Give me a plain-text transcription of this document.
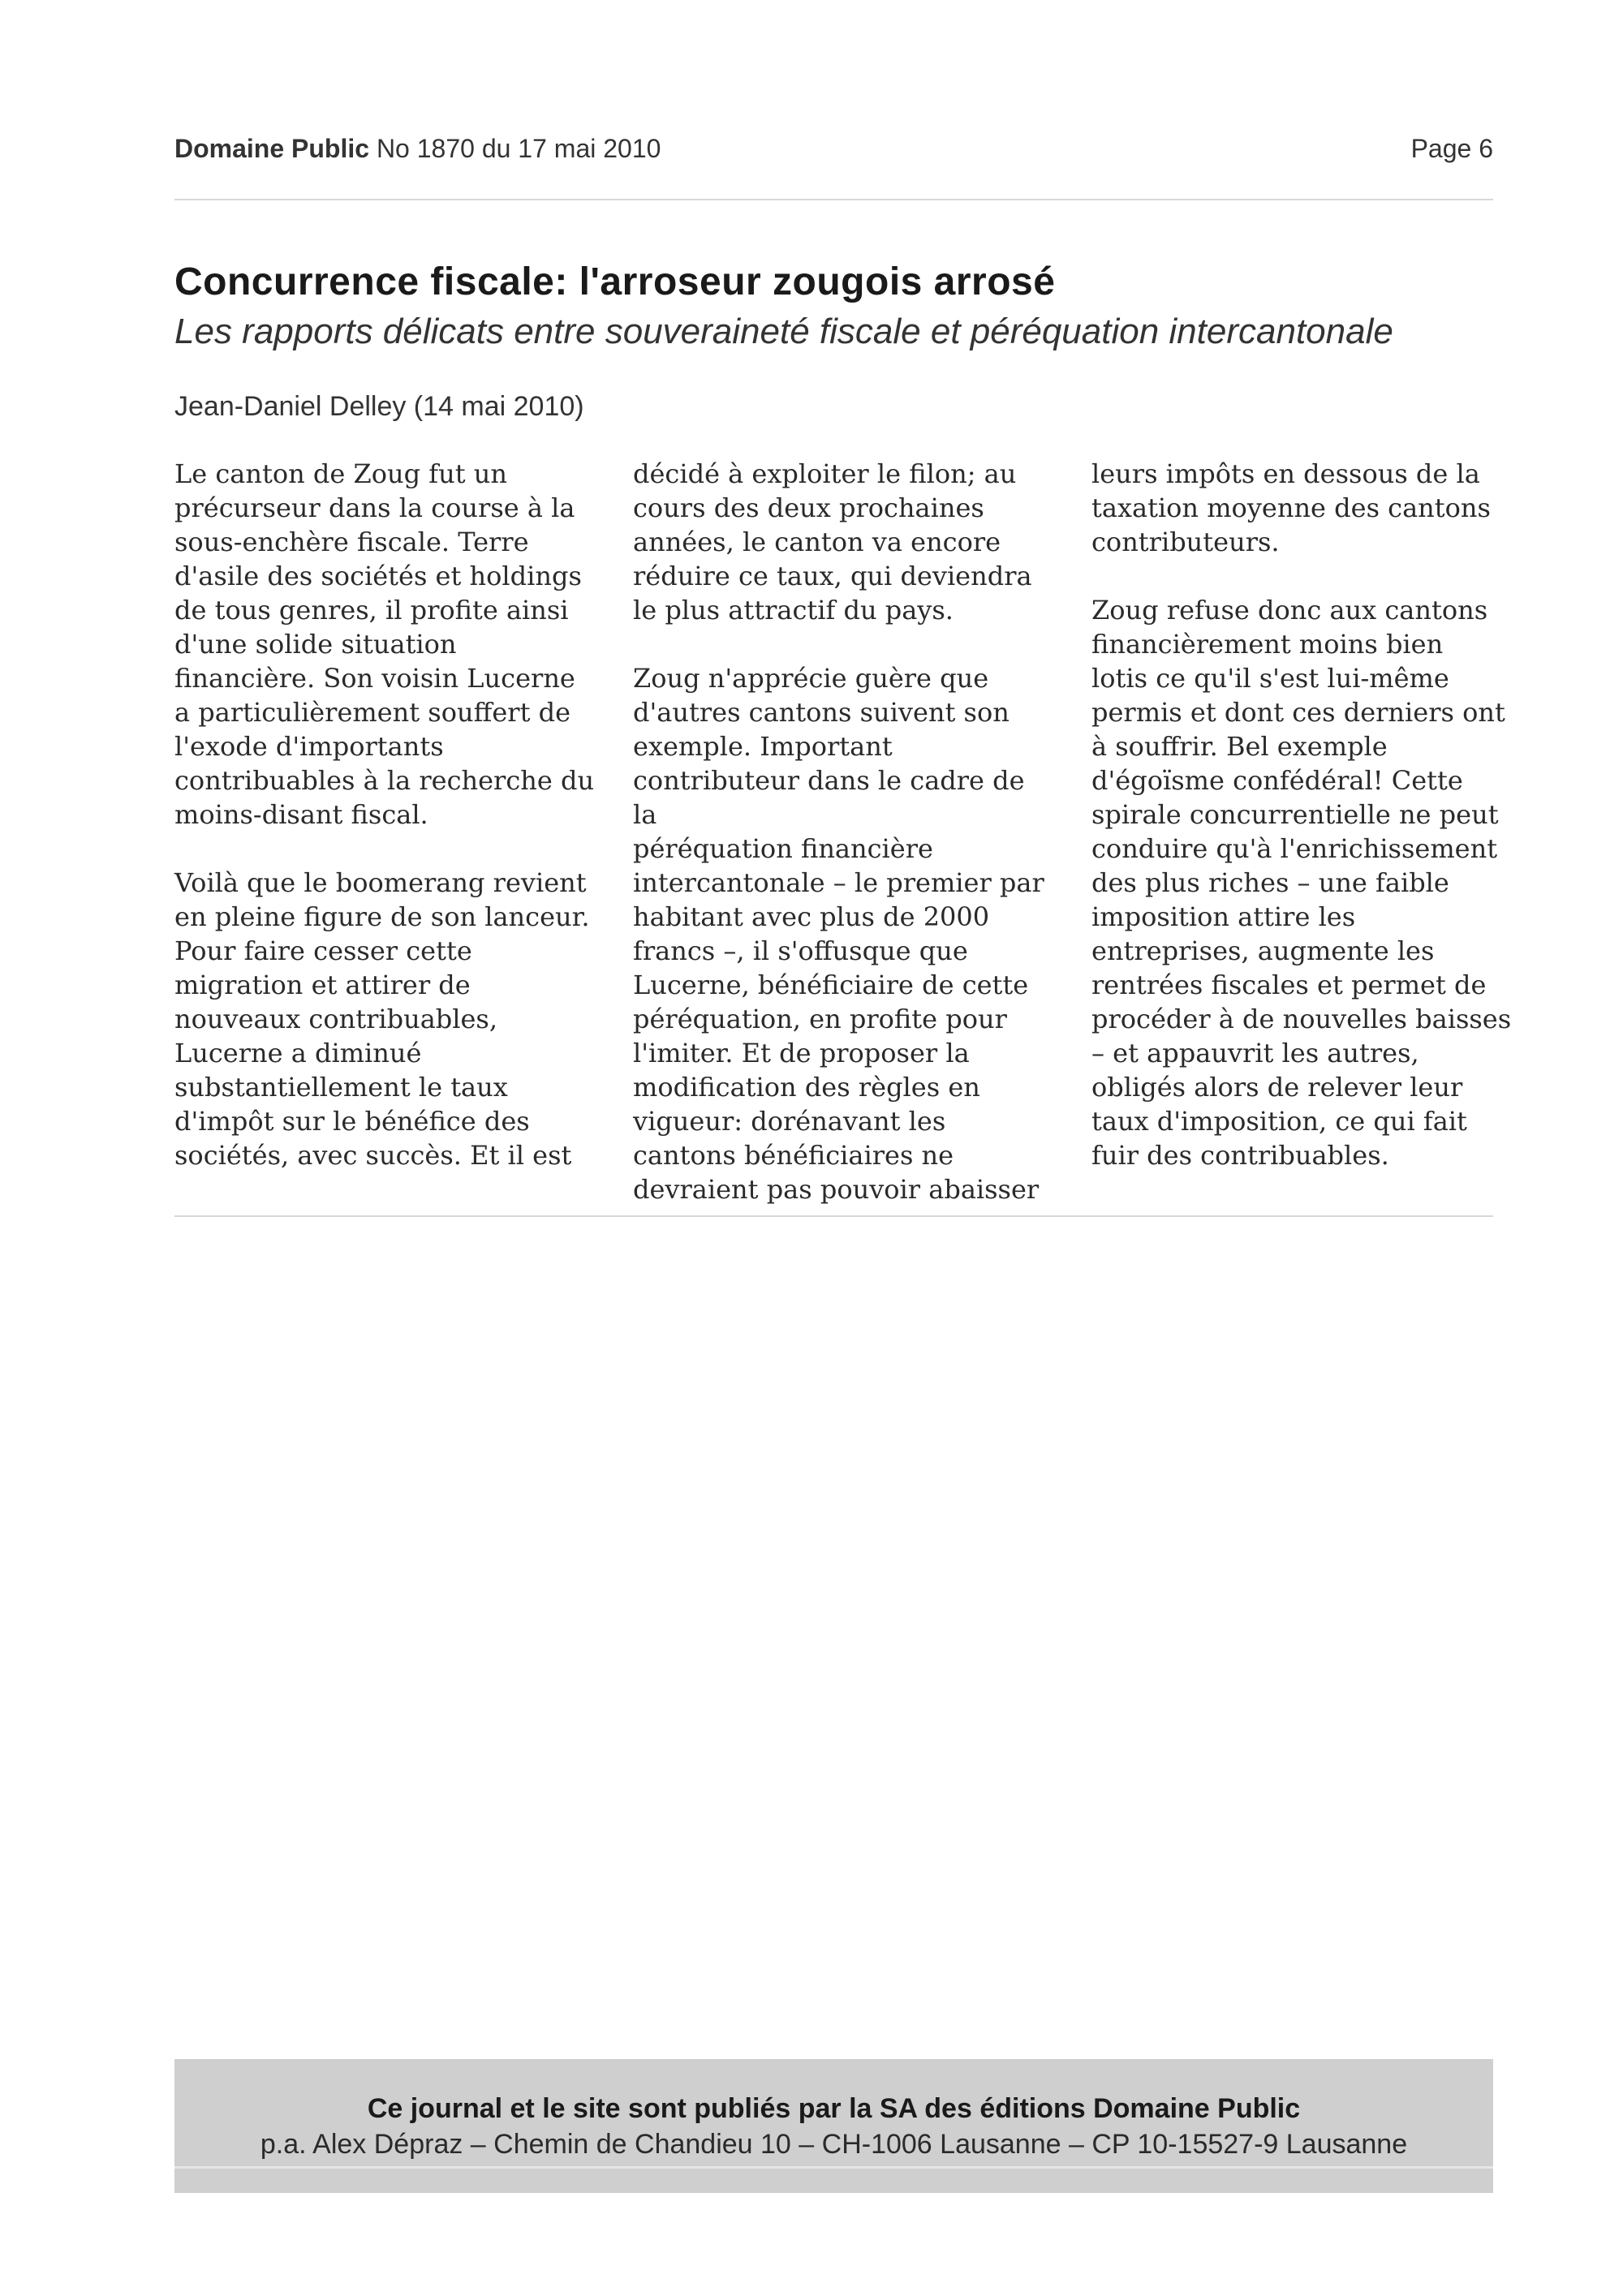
Domaine Public No 1870 du 17 mai 2010	Page 6
Concurrence fiscale: l'arroseur zougois arrosé
Les rapports délicats entre souveraineté fiscale et péréquation intercantonale
Jean-Daniel Delley (14 mai 2010)

Le canton de Zoug fut un
précurseur dans la course à la
sous-enchère fiscale. Terre
d'asile des sociétés et holdings
de tous genres, il profite ainsi
d'une solide situation
financière. Son voisin Lucerne
a particulièrement souffert de
l'exode d'importants
contribuables à la recherche du
moins-disant fiscal.

Voilà que le boomerang revient
en pleine figure de son lanceur.
Pour faire cesser cette
migration et attirer de
nouveaux contribuables,
Lucerne a diminué
substantiellement le taux
d'impôt sur le bénéfice des
sociétés, avec succès. Et il est

décidé à exploiter le filon; au
cours des deux prochaines
années, le canton va encore
réduire ce taux, qui deviendra
le plus attractif du pays.

Zoug n'apprécie guère que
d'autres cantons suivent son
exemple. Important
contributeur dans le cadre de la
péréquation financière
intercantonale – le premier par
habitant avec plus de 2000
francs –, il s'offusque que
Lucerne, bénéficiaire de cette
péréquation, en profite pour
l'imiter. Et de proposer la
modification des règles en
vigueur: dorénavant les
cantons bénéficiaires ne
devraient pas pouvoir abaisser

leurs impôts en dessous de la
taxation moyenne des cantons
contributeurs.

Zoug refuse donc aux cantons
financièrement moins bien
lotis ce qu'il s'est lui-même
permis et dont ces derniers ont
à souffrir. Bel exemple
d'égoïsme confédéral! Cette
spirale concurrentielle ne peut
conduire qu'à l'enrichissement
des plus riches – une faible
imposition attire les
entreprises, augmente les
rentrées fiscales et permet de
procéder à de nouvelles baisses
– et appauvrit les autres,
obligés alors de relever leur
taux d'imposition, ce qui fait
fuir des contribuables.

Ce journal et le site sont publiés par la SA des éditions Domaine Public
p.a. Alex Dépraz – Chemin de Chandieu 10 – CH-1006 Lausanne – CP 10-15527-9 Lausanne
